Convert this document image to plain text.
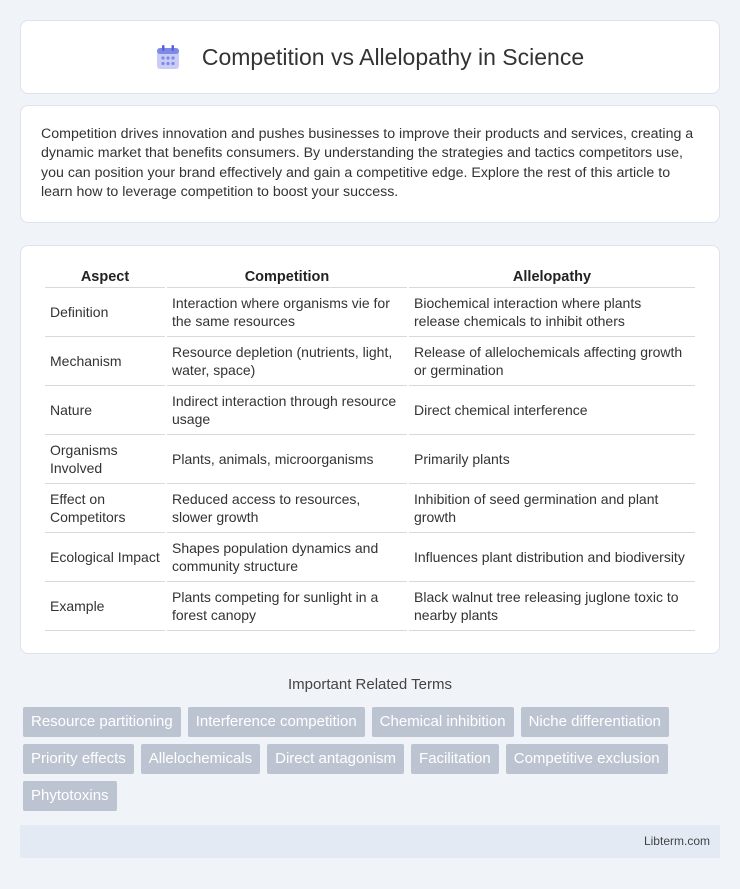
Competition vs Allelopathy in Science

Competition drives innovation and pushes businesses to improve their products and services, creating a dynamic market that benefits consumers. By understanding the strategies and tactics competitors use, you can position your brand effectively and gain a competitive edge. Explore the rest of this article to learn how to leverage competition to boost your success.

Aspect	Competition	Allelopathy
Definition	Interaction where organisms vie for the same resources	Biochemical interaction where plants release chemicals to inhibit others
Mechanism	Resource depletion (nutrients, light, water, space)	Release of allelochemicals affecting growth or germination
Nature	Indirect interaction through resource usage	Direct chemical interference
Organisms Involved	Plants, animals, microorganisms	Primarily plants
Effect on Competitors	Reduced access to resources, slower growth	Inhibition of seed germination and plant growth
Ecological Impact	Shapes population dynamics and community structure	Influences plant distribution and biodiversity
Example	Plants competing for sunlight in a forest canopy	Black walnut tree releasing juglone toxic to nearby plants
Important Related Terms
Resource partitioning	Interference competition	Chemical inhibition	Niche differentiation
Priority effects	Allelochemicals	Direct antagonism	Facilitation	Competitive exclusion
Phytotoxins
Libterm.com
